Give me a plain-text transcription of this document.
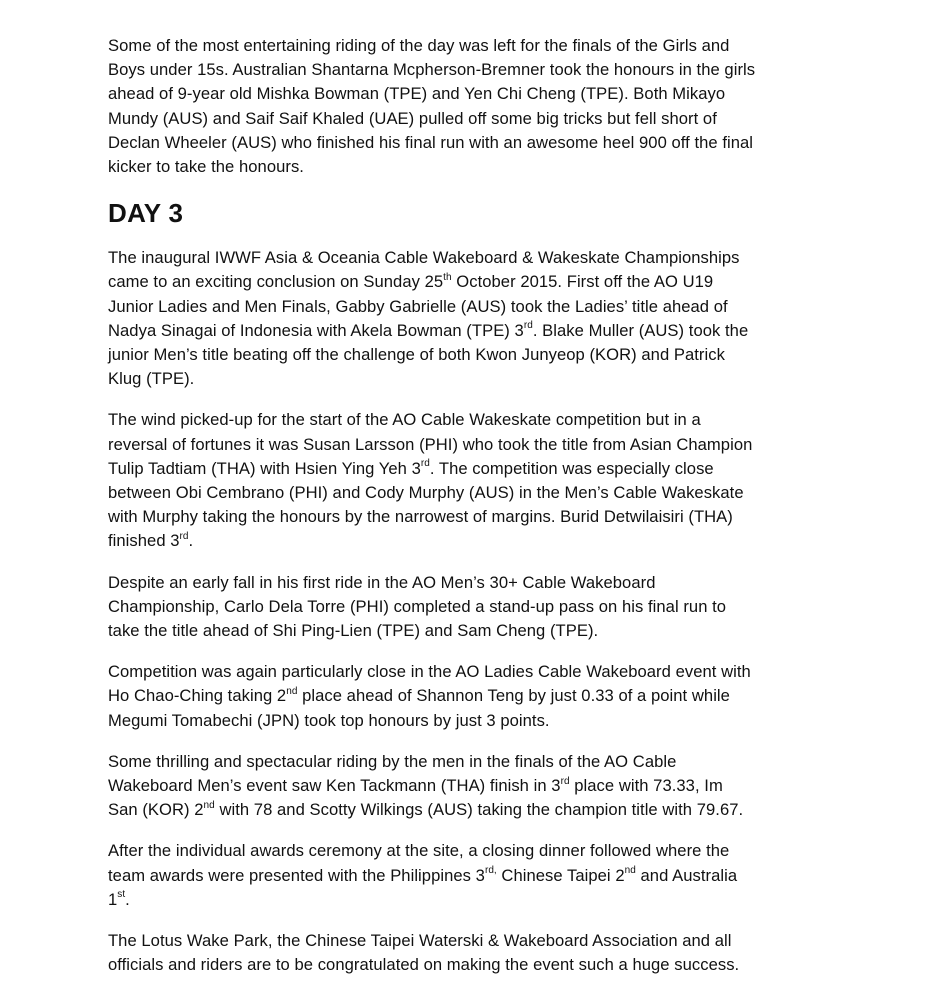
Some of the most entertaining riding of the day was left for the finals of the Girls and
Boys under 15s. Australian Shantarna Mcpherson-Bremner took the honours in the girls
ahead of 9-year old Mishka Bowman (TPE) and Yen Chi Cheng (TPE). Both Mikayo
Mundy (AUS) and Saif Saif Khaled (UAE) pulled off some big tricks but fell short of
Declan Wheeler (AUS) who finished his final run with an awesome heel 900 off the final
kicker to take the honours.

DAY 3

The inaugural IWWF Asia & Oceania Cable Wakeboard & Wakeskate Championships
came to an exciting conclusion on Sunday 25th October 2015. First off the AO U19
Junior Ladies and Men Finals, Gabby Gabrielle (AUS) took the Ladies’ title ahead of
Nadya Sinagai of Indonesia with Akela Bowman (TPE) 3rd. Blake Muller (AUS) took the
junior Men’s title beating off the challenge of both Kwon Junyeop (KOR) and Patrick
Klug (TPE).

The wind picked-up for the start of the AO Cable Wakeskate competition but in a
reversal of fortunes it was Susan Larsson (PHI) who took the title from Asian Champion
Tulip Tadtiam (THA) with Hsien Ying Yeh 3rd. The competition was especially close
between Obi Cembrano (PHI) and Cody Murphy (AUS) in the Men’s Cable Wakeskate
with Murphy taking the honours by the narrowest of margins. Burid Detwilaisiri (THA)
finished 3rd.

Despite an early fall in his first ride in the AO Men’s 30+ Cable Wakeboard
Championship, Carlo Dela Torre (PHI) completed a stand-up pass on his final run to
take the title ahead of Shi Ping-Lien (TPE) and Sam Cheng (TPE).

Competition was again particularly close in the AO Ladies Cable Wakeboard event with
Ho Chao-Ching taking 2nd place ahead of Shannon Teng by just 0.33 of a point while
Megumi Tomabechi (JPN) took top honours by just 3 points.

Some thrilling and spectacular riding by the men in the finals of the AO Cable
Wakeboard Men’s event saw Ken Tackmann (THA) finish in 3rd place with 73.33, Im
San (KOR) 2nd with 78 and Scotty Wilkings (AUS) taking the champion title with 79.67.

After the individual awards ceremony at the site, a closing dinner followed where the
team awards were presented with the Philippines $3^{rd,}$ Chinese Taipei 2nd and Australia
1st.

The Lotus Wake Park, the Chinese Taipei Waterski & Wakeboard Association and all
officials and riders are to be congratulated on making the event such a huge success.
